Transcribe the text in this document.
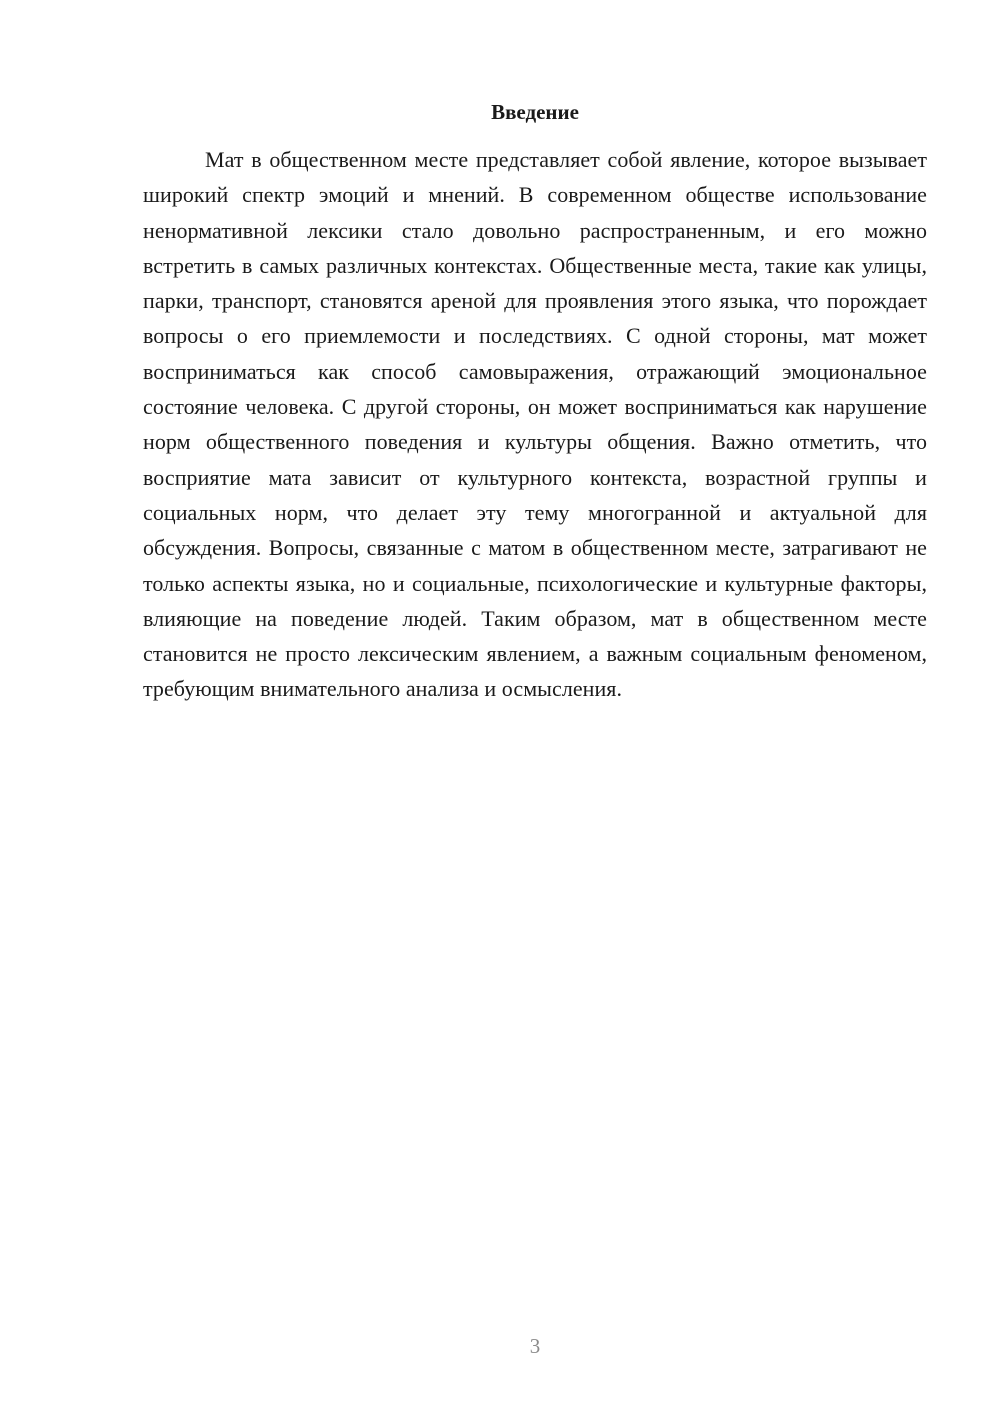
Введение

Мат в общественном месте представляет собой явление, которое вызывает широкий спектр эмоций и мнений. В современном обществе использование ненормативной лексики стало довольно распространенным, и его можно встретить в самых различных контекстах. Общественные места, такие как улицы, парки, транспорт, становятся ареной для проявления этого языка, что порождает вопросы о его приемлемости и последствиях. С одной стороны, мат может восприниматься как способ самовыражения, отражающий эмоциональное состояние человека. С другой стороны, он может восприниматься как нарушение норм общественного поведения и культуры общения. Важно отметить, что восприятие мата зависит от культурного контекста, возрастной группы и социальных норм, что делает эту тему многогранной и актуальной для обсуждения. Вопросы, связанные с матом в общественном месте, затрагивают не только аспекты языка, но и социальные, психологические и культурные факторы, влияющие на поведение людей. Таким образом, мат в общественном месте становится не просто лексическим явлением, а важным социальным феноменом, требующим внимательного анализа и осмысления.

3
